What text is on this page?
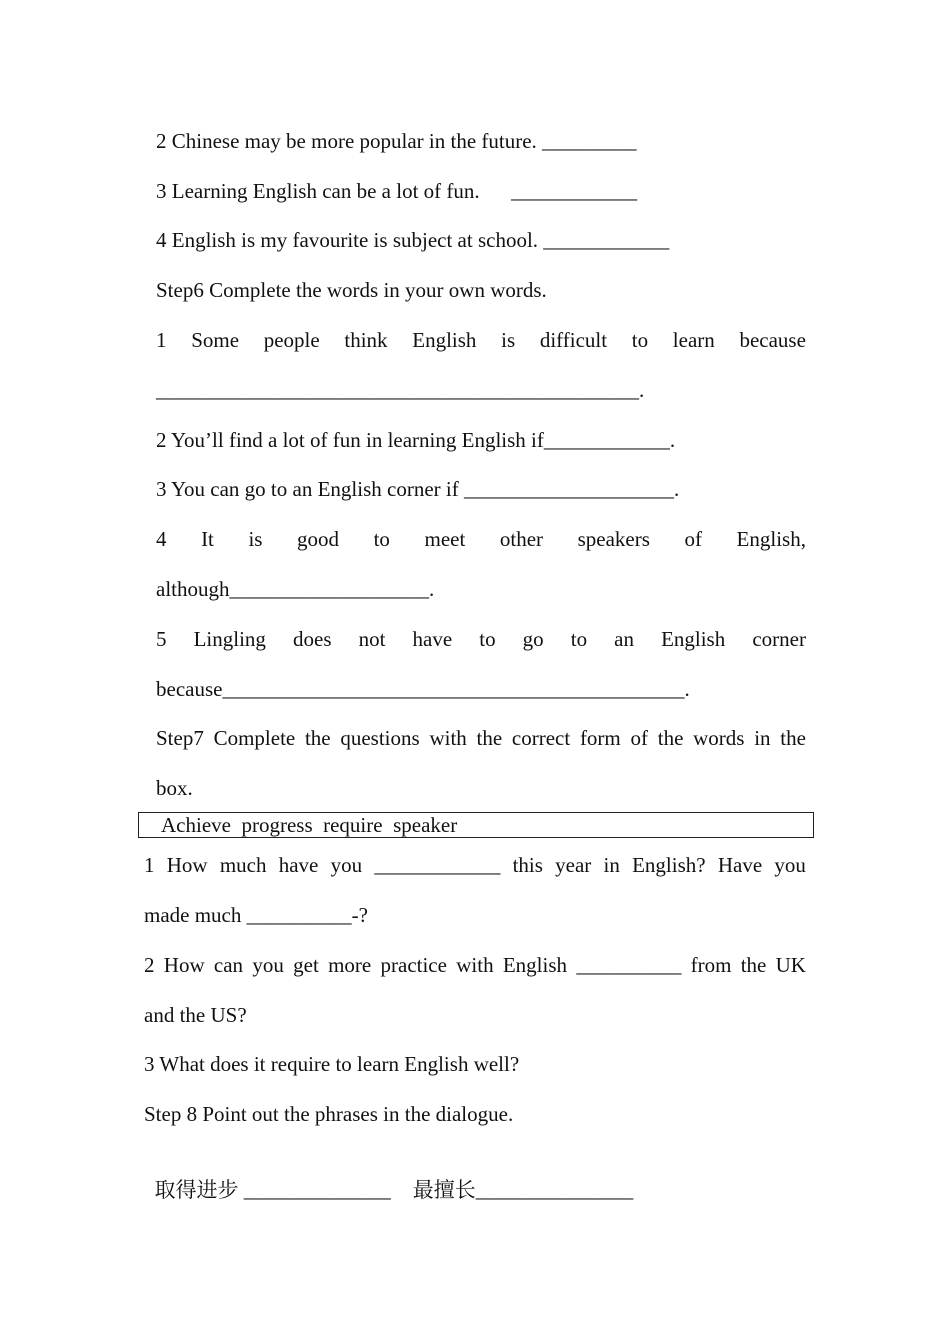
2 Chinese may be more popular in the future. _________
3 Learning English can be a lot of fun.      ____________
4 English is my favourite is subject at school. ____________
Step6 Complete the words in your own words.
1 Some people think English is difficult to learn because
______________________________________________.
2 You’ll find a lot of fun in learning English if____________.
3 You can go to an English corner if ____________________.
4 It is good to meet other speakers of English,
although___________________.
5 Lingling does not have to go to an English corner
because____________________________________________.
Step7 Complete the questions with the correct form of the words in the
box.
Achieve  progress  require  speaker
1 How much have you ____________ this year in English? Have you
made much __________-?
2 How can you get more practice with English __________ from the UK
and the US?
3 What does it require to learn English well?
Step 8 Point out the phrases in the dialogue.

取得进步 ______________ 最擅长_______________
